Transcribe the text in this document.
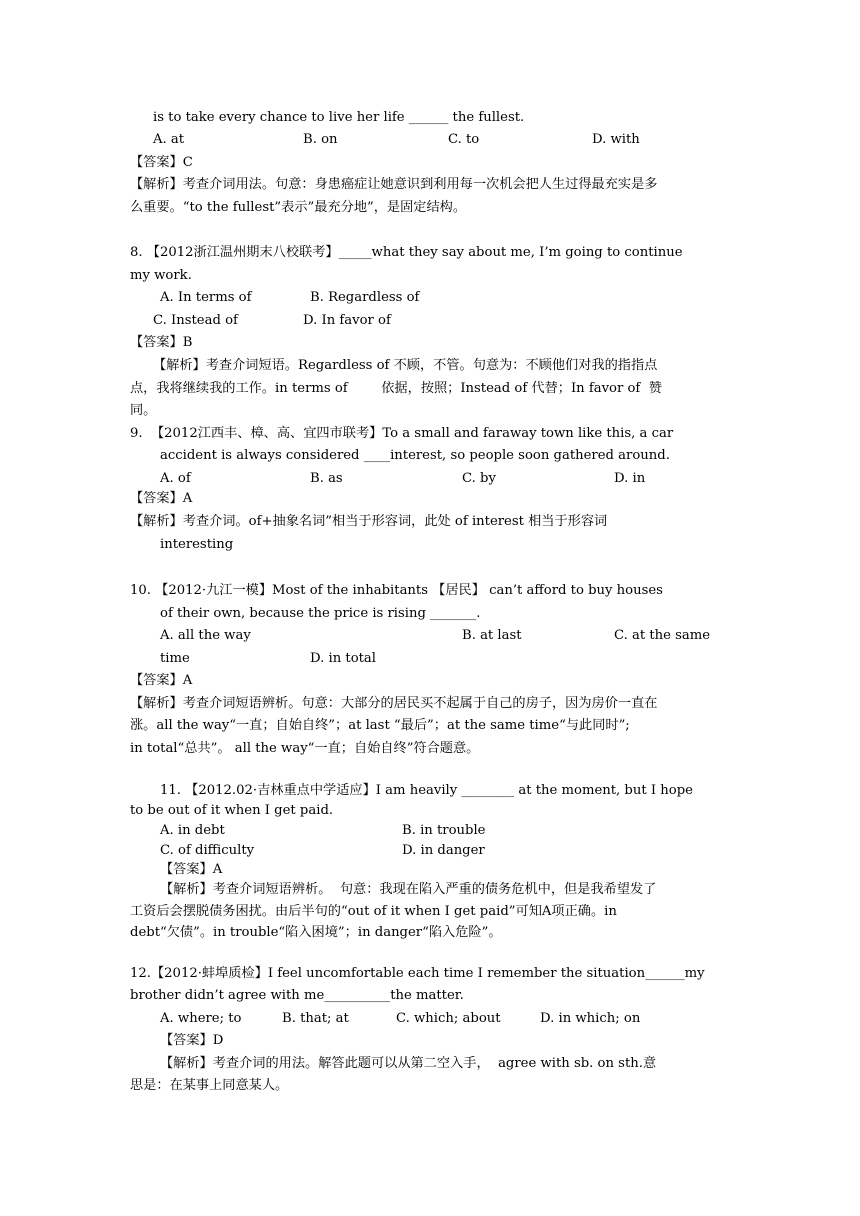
is to take every chance to live her life ______ the fullest.
A. at	B. on	C. to	D. with
【答案】C
【解析】考查介词用法。句意：身患癌症让她意识到利用每一次机会把人生过得最充实是多
么重要。“to the fullest”表示”最充分地”，是固定结构。
8. 【2012浙江温州期末八校联考】_____what they say about me, I’m going to continue
my work.
A. In terms of	B. Regardless of
C. Instead of	D. In favor of
【答案】B
【解析】考查介词短语。Regardless of 不顾，不管。句意为：不顾他们对我的指指点
点，我将继续我的工作。in terms of        依据，按照；Instead of 代替；In favor of  赞
同。
9.  【2012江西丰、樟、高、宜四市联考】To a small and faraway town like this, a car
accident is always considered ____interest, so people soon gathered around.
A. of	B. as	C. by	D. in
【答案】A
【解析】考查介词。of+抽象名词”相当于形容词，此处 of interest 相当于形容词
interesting
10. 【2012·九江一模】Most of the inhabitants 【居民】 can’t afford to buy houses
of their own, because the price is rising _______.
A. all the way	B. at last	C. at the same
time	D. in total
【答案】A
【解析】考查介词短语辨析。句意：大部分的居民买不起属于自己的房子，因为房价一直在
涨。all the way“一直；自始自终”；at last “最后”；at the same time“与此同时”;
in total“总共”。 all the way“一直；自始自终”符合题意。
11. 【2012.02·吉林重点中学适应】I am heavily ________ at the moment, but I hope
to be out of it when I get paid.
A. in debt	B. in trouble
C. of difficulty	D. in danger
【答案】A
【解析】考查介词短语辨析。  句意：我现在陷入严重的债务危机中，但是我希望发了
工资后会摆脱债务困扰。由后半句的“out of it when I get paid”可知A项正确。in
debt“欠债”。in trouble“陷入困境”；in danger“陷入危险”。
12.【2012·蚌埠质检】I feel uncomfortable each time I remember the situation______my
brother didn’t agree with me__________the matter.
A. where; to	B. that; at	C. which; about	D. in which; on
【答案】D
【解析】考查介词的用法。解答此题可以从第二空入手，  agree with sb. on sth.意
思是：在某事上同意某人。
